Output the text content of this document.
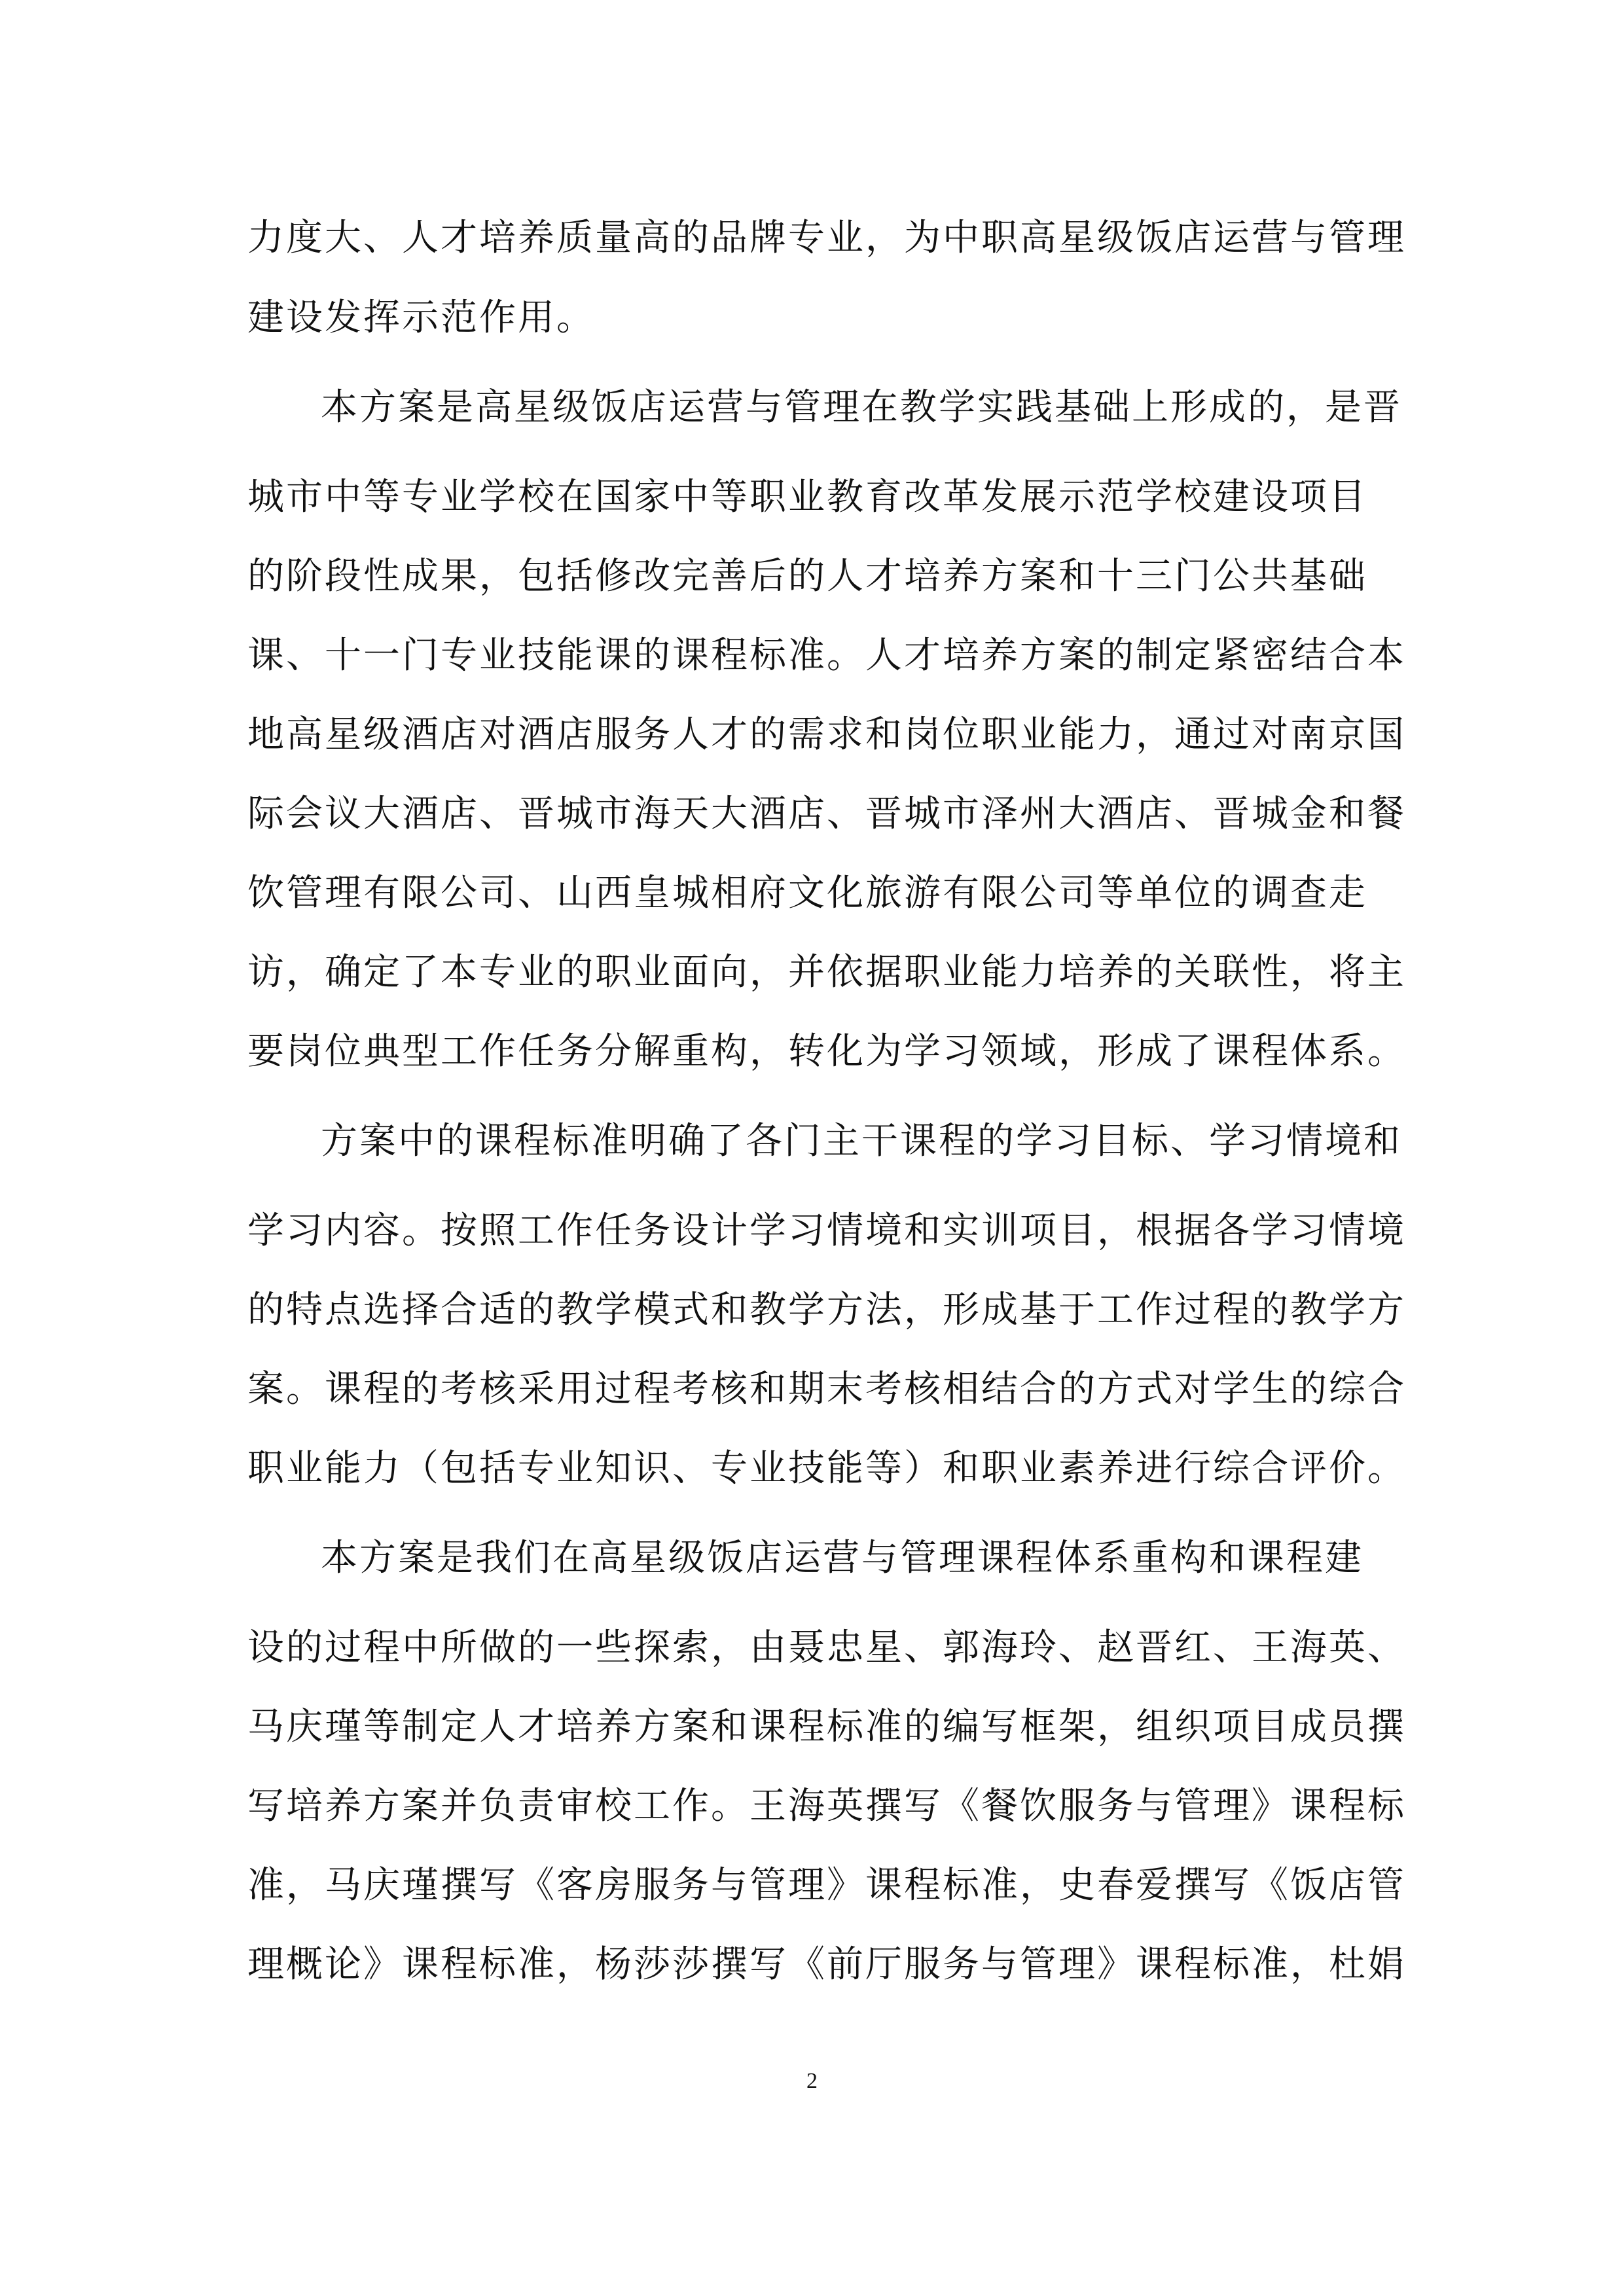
力度大、人才培养质量高的品牌专业，为中职高星级饭店运营与管理
建设发挥示范作用。
本方案是高星级饭店运营与管理在教学实践基础上形成的，是晋
城市中等专业学校在国家中等职业教育改革发展示范学校建设项目
的阶段性成果，包括修改完善后的人才培养方案和十三门公共基础
课、十一门专业技能课的课程标准。人才培养方案的制定紧密结合本
地高星级酒店对酒店服务人才的需求和岗位职业能力，通过对南京国
际会议大酒店、晋城市海天大酒店、晋城市泽州大酒店、晋城金和餐
饮管理有限公司、山西皇城相府文化旅游有限公司等单位的调查走
访，确定了本专业的职业面向，并依据职业能力培养的关联性，将主
要岗位典型工作任务分解重构，转化为学习领域，形成了课程体系。
方案中的课程标准明确了各门主干课程的学习目标、学习情境和
学习内容。按照工作任务设计学习情境和实训项目，根据各学习情境
的特点选择合适的教学模式和教学方法，形成基于工作过程的教学方
案。课程的考核采用过程考核和期末考核相结合的方式对学生的综合
职业能力（包括专业知识、专业技能等）和职业素养进行综合评价。
本方案是我们在高星级饭店运营与管理课程体系重构和课程建
设的过程中所做的一些探索，由聂忠星、郭海玲、赵晋红、王海英、
马庆瑾等制定人才培养方案和课程标准的编写框架，组织项目成员撰
写培养方案并负责审校工作。王海英撰写《餐饮服务与管理》课程标
准，马庆瑾撰写《客房服务与管理》课程标准，史春爱撰写《饭店管
理概论》课程标准，杨莎莎撰写《前厅服务与管理》课程标准，杜娟
2
